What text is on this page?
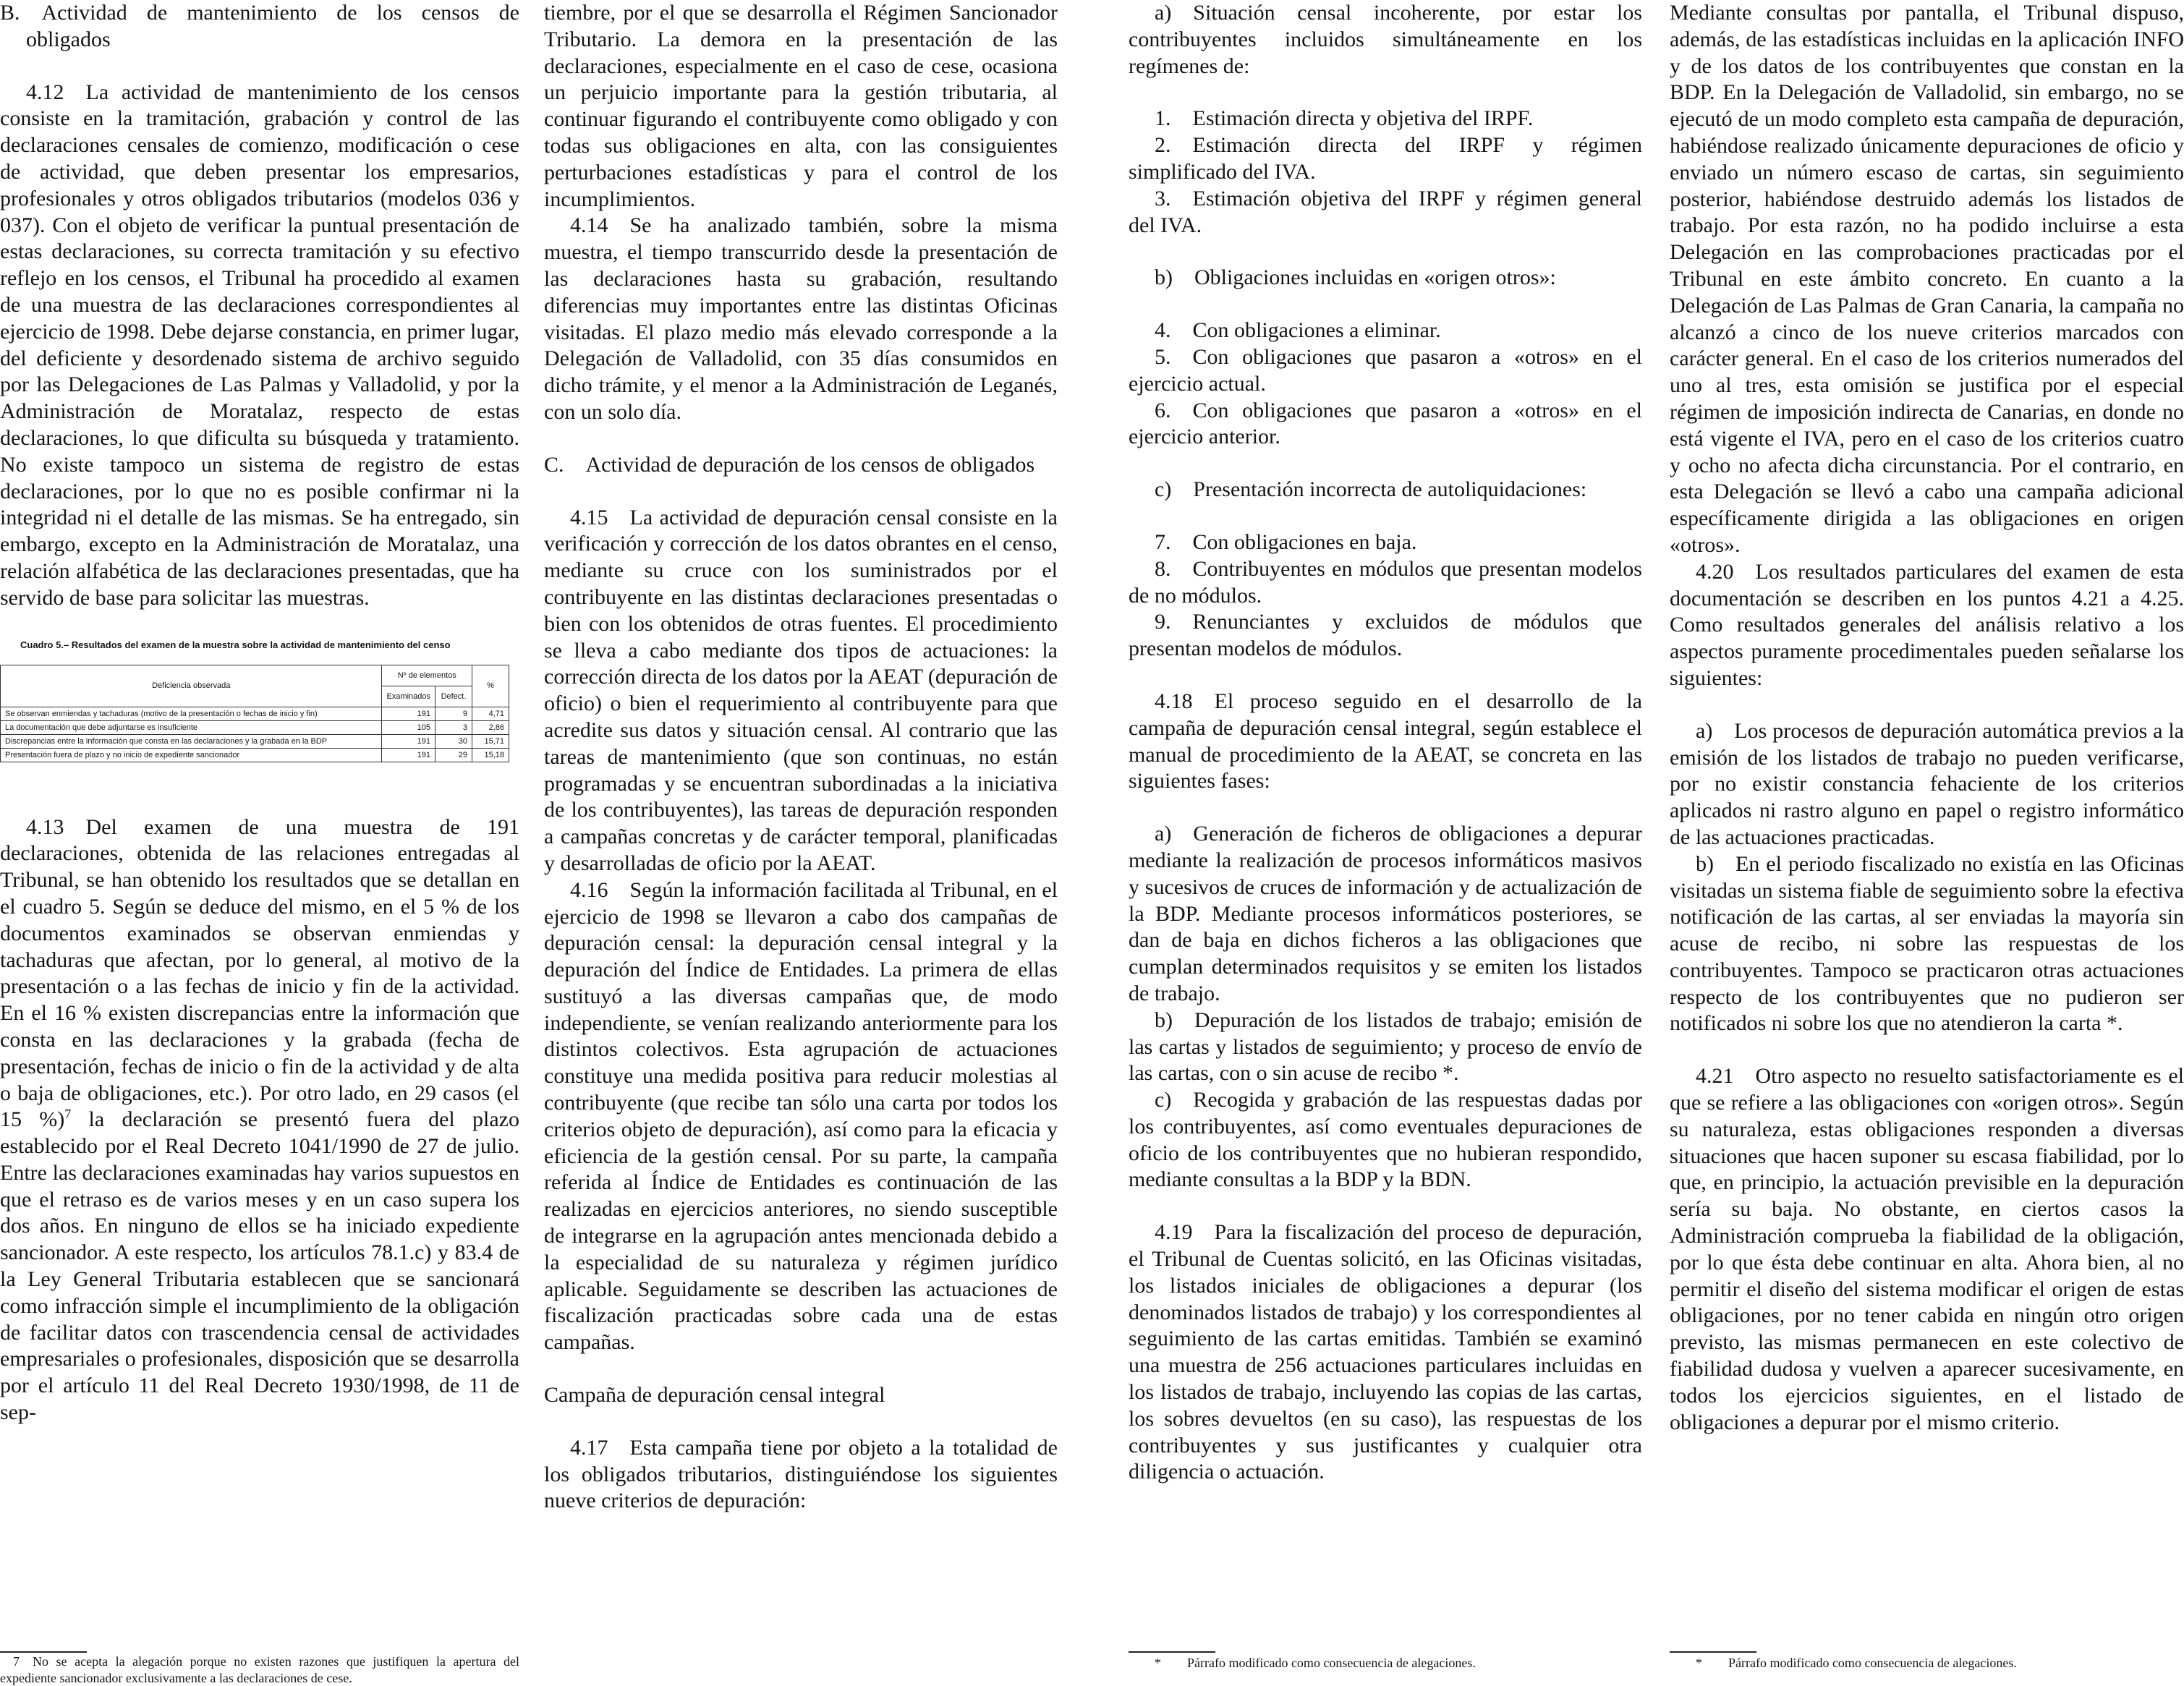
B. Actividad de mantenimiento de los censos de obligados

4.12 La actividad de mantenimiento de los censos consiste en la tramitación, grabación y control de las declaraciones censales de comienzo, modificación o cese de actividad, que deben presentar los empresarios, profesionales y otros obligados tributarios (modelos 036 y 037). Con el objeto de verificar la puntual presentación de estas declaraciones, su correcta tramitación y su efectivo reflejo en los censos, el Tribunal ha procedido al examen de una muestra de las declaraciones correspondientes al ejercicio de 1998. Debe dejarse constancia, en primer lugar, del deficiente y desordenado sistema de archivo seguido por las Delegaciones de Las Palmas y Valladolid, y por la Administración de Moratalaz, respecto de estas declaraciones, lo que dificulta su búsqueda y tratamiento. No existe tampoco un sistema de registro de estas declaraciones, por lo que no es posible confirmar ni la integridad ni el detalle de las mismas. Se ha entregado, sin embargo, excepto en la Administración de Moratalaz, una relación alfabética de las declaraciones presentadas, que ha servido de base para solicitar las muestras.

Cuadro 5.– Resultados del examen de la muestra sobre la actividad de mantenimiento del censo
Deficiencia observada	Nº de elementos		%
	Examinados	Defect.	
Se observan enmiendas y tachaduras (motivo de la presentación o fechas de inicio y fin)	191	9	4,71
La documentación que debe adjuntarse es insuficiente	105	3	2,86
Discrepancias entre la información que consta en las declaraciones y la grabada en la BDP	191	30	15,71
Presentación fuera de plazo y no inicio de expediente sancionador	191	29	15,18

4.13 Del examen de una muestra de 191 declaraciones, obtenida de las relaciones entregadas al Tribunal, se han obtenido los resultados que se detallan en el cuadro 5. Según se deduce del mismo, en el 5 % de los documentos examinados se observan enmiendas y tachaduras que afectan, por lo general, al motivo de la presentación o a las fechas de inicio y fin de la actividad. En el 16 % existen discrepancias entre la información que consta en las declaraciones y la grabada (fecha de presentación, fechas de inicio o fin de la actividad y de alta o baja de obligaciones, etc.). Por otro lado, en 29 casos (el 15 %)$^7$ la declaración se presentó fuera del plazo establecido por el Real Decreto 1041/1990 de 27 de julio. Entre las declaraciones examinadas hay varios supuestos en que el retraso es de varios meses y en un caso supera los dos años. En ninguno de ellos se ha iniciado expediente sancionador. A este respecto, los artículos 78.1.c) y 83.4 de la Ley General Tributaria establecen que se sancionará como infracción simple el incumplimiento de la obligación de facilitar datos con trascendencia censal de actividades empresariales o profesionales, disposición que se desarrolla por el artículo 11 del Real Decreto 1930/1998, de 11 de sep-

 7 No se acepta la alegación porque no existen razones que justifiquen la apertura del expediente sancionador exclusivamente a las declaraciones de cese.

tiembre, por el que se desarrolla el Régimen Sancionador Tributario. La demora en la presentación de las declaraciones, especialmente en el caso de cese, ocasiona un perjuicio importante para la gestión tributaria, al continuar figurando el contribuyente como obligado y con todas sus obligaciones en alta, con las consiguientes perturbaciones estadísticas y para el control de los incumplimientos.

4.14 Se ha analizado también, sobre la misma muestra, el tiempo transcurrido desde la presentación de las declaraciones hasta su grabación, resultando diferencias muy importantes entre las distintas Oficinas visitadas. El plazo medio más elevado corresponde a la Delegación de Valladolid, con 35 días consumidos en dicho trámite, y el menor a la Administración de Leganés, con un solo día.

C. Actividad de depuración de los censos de obligados

4.15 La actividad de depuración censal consiste en la verificación y corrección de los datos obrantes en el censo, mediante su cruce con los suministrados por el contribuyente en las distintas declaraciones presentadas o bien con los obtenidos de otras fuentes. El procedimiento se lleva a cabo mediante dos tipos de actuaciones: la corrección directa de los datos por la AEAT (depuración de oficio) o bien el requerimiento al contribuyente para que acredite sus datos y situación censal. Al contrario que las tareas de mantenimiento (que son continuas, no están programadas y se encuentran subordinadas a la iniciativa de los contribuyentes), las tareas de depuración responden a campañas concretas y de carácter temporal, planificadas y desarrolladas de oficio por la AEAT.

4.16 Según la información facilitada al Tribunal, en el ejercicio de 1998 se llevaron a cabo dos campañas de depuración censal: la depuración censal integral y la depuración del Índice de Entidades. La primera de ellas sustituyó a las diversas campañas que, de modo independiente, se venían realizando anteriormente para los distintos colectivos. Esta agrupación de actuaciones constituye una medida positiva para reducir molestias al contribuyente (que recibe tan sólo una carta por todos los criterios objeto de depuración), así como para la eficacia y eficiencia de la gestión censal. Por su parte, la campaña referida al Índice de Entidades es continuación de las realizadas en ejercicios anteriores, no siendo susceptible de integrarse en la agrupación antes mencionada debido a la especialidad de su naturaleza y régimen jurídico aplicable. Seguidamente se describen las actuaciones de fiscalización practicadas sobre cada una de estas campañas.

Campaña de depuración censal integral

4.17 Esta campaña tiene por objeto a la totalidad de los obligados tributarios, distinguiéndose los siguientes nueve criterios de depuración:

a) Situación censal incoherente, por estar los contribuyentes incluidos simultáneamente en los regímenes de:

1. Estimación directa y objetiva del IRPF.

2. Estimación directa del IRPF y régimen simplificado del IVA.

3. Estimación objetiva del IRPF y régimen general del IVA.

b) Obligaciones incluidas en «origen otros»:

4. Con obligaciones a eliminar.

5. Con obligaciones que pasaron a «otros» en el ejercicio actual.

6. Con obligaciones que pasaron a «otros» en el ejercicio anterior.

c) Presentación incorrecta de autoliquidaciones:

7. Con obligaciones en baja.

8. Contribuyentes en módulos que presentan modelos de no módulos.

9. Renunciantes y excluidos de módulos que presentan modelos de módulos.

4.18 El proceso seguido en el desarrollo de la campaña de depuración censal integral, según establece el manual de procedimiento de la AEAT, se concreta en las siguientes fases:

a) Generación de ficheros de obligaciones a depurar mediante la realización de procesos informáticos masivos y sucesivos de cruces de información y de actualización de la BDP. Mediante procesos informáticos posteriores, se dan de baja en dichos ficheros a las obligaciones que cumplan determinados requisitos y se emiten los listados de trabajo.

b) Depuración de los listados de trabajo; emisión de las cartas y listados de seguimiento; y proceso de envío de las cartas, con o sin acuse de recibo *.

c) Recogida y grabación de las respuestas dadas por los contribuyentes, así como eventuales depuraciones de oficio de los contribuyentes que no hubieran respondido, mediante consultas a la BDP y la BDN.

4.19 Para la fiscalización del proceso de depuración, el Tribunal de Cuentas solicitó, en las Oficinas visitadas, los listados iniciales de obligaciones a depurar (los denominados listados de trabajo) y los correspondientes al seguimiento de las cartas emitidas. También se examinó una muestra de 256 actuaciones particulares incluidas en los listados de trabajo, incluyendo las copias de las cartas, los sobres devueltos (en su caso), las respuestas de los contribuyentes y sus justificantes y cualquier otra diligencia o actuación.

*  Párrafo modificado como consecuencia de alegaciones.

Mediante consultas por pantalla, el Tribunal dispuso, además, de las estadísticas incluidas en la aplicación INFO y de los datos de los contribuyentes que constan en la BDP. En la Delegación de Valladolid, sin embargo, no se ejecutó de un modo completo esta campaña de depuración, habiéndose realizado únicamente depuraciones de oficio y enviado un número escaso de cartas, sin seguimiento posterior, habiéndose destruido además los listados de trabajo. Por esta razón, no ha podido incluirse a esta Delegación en las comprobaciones practicadas por el Tribunal en este ámbito concreto. En cuanto a la Delegación de Las Palmas de Gran Canaria, la campaña no alcanzó a cinco de los nueve criterios marcados con carácter general. En el caso de los criterios numerados del uno al tres, esta omisión se justifica por el especial régimen de imposición indirecta de Canarias, en donde no está vigente el IVA, pero en el caso de los criterios cuatro y ocho no afecta dicha circunstancia. Por el contrario, en esta Delegación se llevó a cabo una campaña adicional específicamente dirigida a las obligaciones en origen «otros».

4.20 Los resultados particulares del examen de esta documentación se describen en los puntos 4.21 a 4.25. Como resultados generales del análisis relativo a los aspectos puramente procedimentales pueden señalarse los siguientes:

a) Los procesos de depuración automática previos a la emisión de los listados de trabajo no pueden verificarse, por no existir constancia fehaciente de los criterios aplicados ni rastro alguno en papel o registro informático de las actuaciones practicadas.

b) En el periodo fiscalizado no existía en las Oficinas visitadas un sistema fiable de seguimiento sobre la efectiva notificación de las cartas, al ser enviadas la mayoría sin acuse de recibo, ni sobre las respuestas de los contribuyentes. Tampoco se practicaron otras actuaciones respecto de los contribuyentes que no pudieron ser notificados ni sobre los que no atendieron la carta *.

4.21 Otro aspecto no resuelto satisfactoriamente es el que se refiere a las obligaciones con «origen otros». Según su naturaleza, estas obligaciones responden a diversas situaciones que hacen suponer su escasa fiabilidad, por lo que, en principio, la actuación previsible en la depuración sería su baja. No obstante, en ciertos casos la Administración comprueba la fiabilidad de la obligación, por lo que ésta debe continuar en alta. Ahora bien, al no permitir el diseño del sistema modificar el origen de estas obligaciones, por no tener cabida en ningún otro origen previsto, las mismas permanecen en este colectivo de fiabilidad dudosa y vuelven a aparecer sucesivamente, en todos los ejercicios siguientes, en el listado de obligaciones a depurar por el mismo criterio.

*  Párrafo modificado como consecuencia de alegaciones.
